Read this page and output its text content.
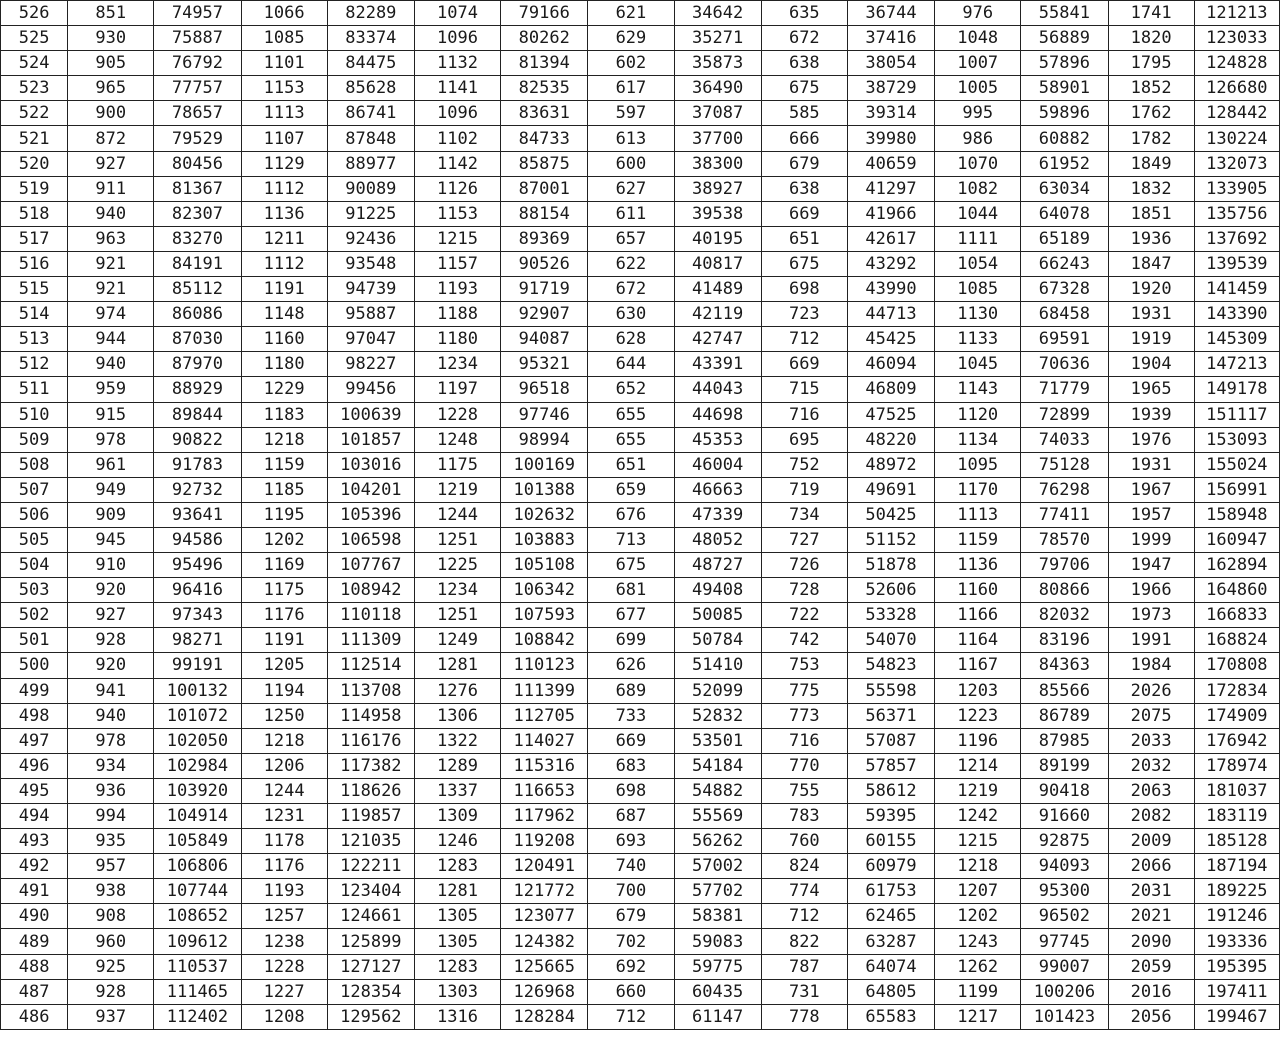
526	851	74957	1066	82289	1074	79166	621	34642	635	36744	976	55841	1741	121213
525	930	75887	1085	83374	1096	80262	629	35271	672	37416	1048	56889	1820	123033
524	905	76792	1101	84475	1132	81394	602	35873	638	38054	1007	57896	1795	124828
523	965	77757	1153	85628	1141	82535	617	36490	675	38729	1005	58901	1852	126680
522	900	78657	1113	86741	1096	83631	597	37087	585	39314	995	59896	1762	128442
521	872	79529	1107	87848	1102	84733	613	37700	666	39980	986	60882	1782	130224
520	927	80456	1129	88977	1142	85875	600	38300	679	40659	1070	61952	1849	132073
519	911	81367	1112	90089	1126	87001	627	38927	638	41297	1082	63034	1832	133905
518	940	82307	1136	91225	1153	88154	611	39538	669	41966	1044	64078	1851	135756
517	963	83270	1211	92436	1215	89369	657	40195	651	42617	1111	65189	1936	137692
516	921	84191	1112	93548	1157	90526	622	40817	675	43292	1054	66243	1847	139539
515	921	85112	1191	94739	1193	91719	672	41489	698	43990	1085	67328	1920	141459
514	974	86086	1148	95887	1188	92907	630	42119	723	44713	1130	68458	1931	143390
513	944	87030	1160	97047	1180	94087	628	42747	712	45425	1133	69591	1919	145309
512	940	87970	1180	98227	1234	95321	644	43391	669	46094	1045	70636	1904	147213
511	959	88929	1229	99456	1197	96518	652	44043	715	46809	1143	71779	1965	149178
510	915	89844	1183	100639	1228	97746	655	44698	716	47525	1120	72899	1939	151117
509	978	90822	1218	101857	1248	98994	655	45353	695	48220	1134	74033	1976	153093
508	961	91783	1159	103016	1175	100169	651	46004	752	48972	1095	75128	1931	155024
507	949	92732	1185	104201	1219	101388	659	46663	719	49691	1170	76298	1967	156991
506	909	93641	1195	105396	1244	102632	676	47339	734	50425	1113	77411	1957	158948
505	945	94586	1202	106598	1251	103883	713	48052	727	51152	1159	78570	1999	160947
504	910	95496	1169	107767	1225	105108	675	48727	726	51878	1136	79706	1947	162894
503	920	96416	1175	108942	1234	106342	681	49408	728	52606	1160	80866	1966	164860
502	927	97343	1176	110118	1251	107593	677	50085	722	53328	1166	82032	1973	166833
501	928	98271	1191	111309	1249	108842	699	50784	742	54070	1164	83196	1991	168824
500	920	99191	1205	112514	1281	110123	626	51410	753	54823	1167	84363	1984	170808
499	941	100132	1194	113708	1276	111399	689	52099	775	55598	1203	85566	2026	172834
498	940	101072	1250	114958	1306	112705	733	52832	773	56371	1223	86789	2075	174909
497	978	102050	1218	116176	1322	114027	669	53501	716	57087	1196	87985	2033	176942
496	934	102984	1206	117382	1289	115316	683	54184	770	57857	1214	89199	2032	178974
495	936	103920	1244	118626	1337	116653	698	54882	755	58612	1219	90418	2063	181037
494	994	104914	1231	119857	1309	117962	687	55569	783	59395	1242	91660	2082	183119
493	935	105849	1178	121035	1246	119208	693	56262	760	60155	1215	92875	2009	185128
492	957	106806	1176	122211	1283	120491	740	57002	824	60979	1218	94093	2066	187194
491	938	107744	1193	123404	1281	121772	700	57702	774	61753	1207	95300	2031	189225
490	908	108652	1257	124661	1305	123077	679	58381	712	62465	1202	96502	2021	191246
489	960	109612	1238	125899	1305	124382	702	59083	822	63287	1243	97745	2090	193336
488	925	110537	1228	127127	1283	125665	692	59775	787	64074	1262	99007	2059	195395
487	928	111465	1227	128354	1303	126968	660	60435	731	64805	1199	100206	2016	197411
486	937	112402	1208	129562	1316	128284	712	61147	778	65583	1217	101423	2056	199467
